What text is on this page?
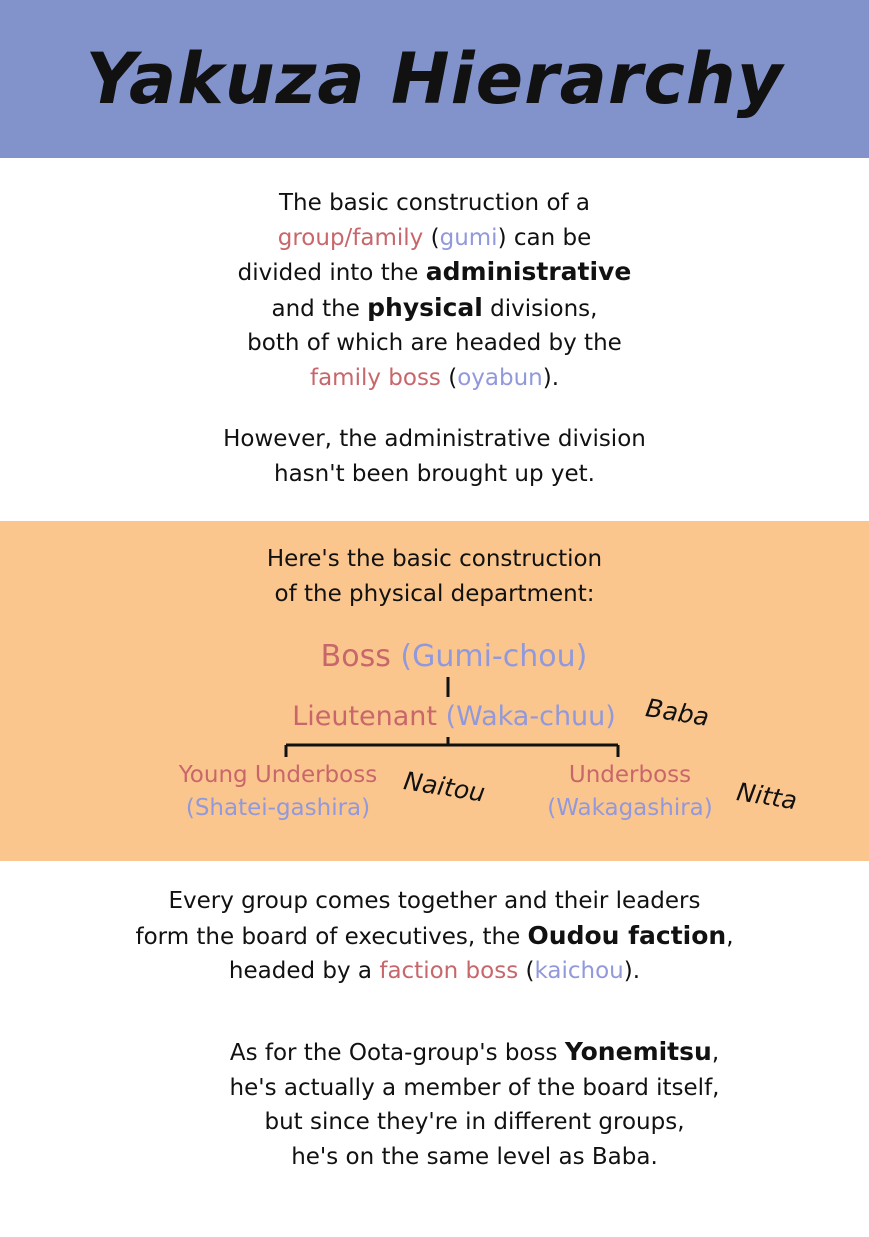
Yakuza Hierarchy
The basic construction of a
group/family (gumi) can be
divided into the administrative
and the physical divisions,
both of which are headed by the
family boss (oyabun).
However, the administrative division
hasn't been brought up yet.
Here's the basic construction
of the physical department:
Boss (Gumi-chou)
Lieutenant (Waka-chuu)	Baba
Young Underboss
(Shatei-gashira)
Naitou	Underboss
(Wakagashira) Nitta
Every group comes together and their leaders
form the board of executives, the Oudou faction,
headed by a faction boss (kaichou).
As for the Oota-group's boss Yonemitsu,
he's actually a member of the board itself,
but since they're in different groups,
he's on the same level as Baba.
